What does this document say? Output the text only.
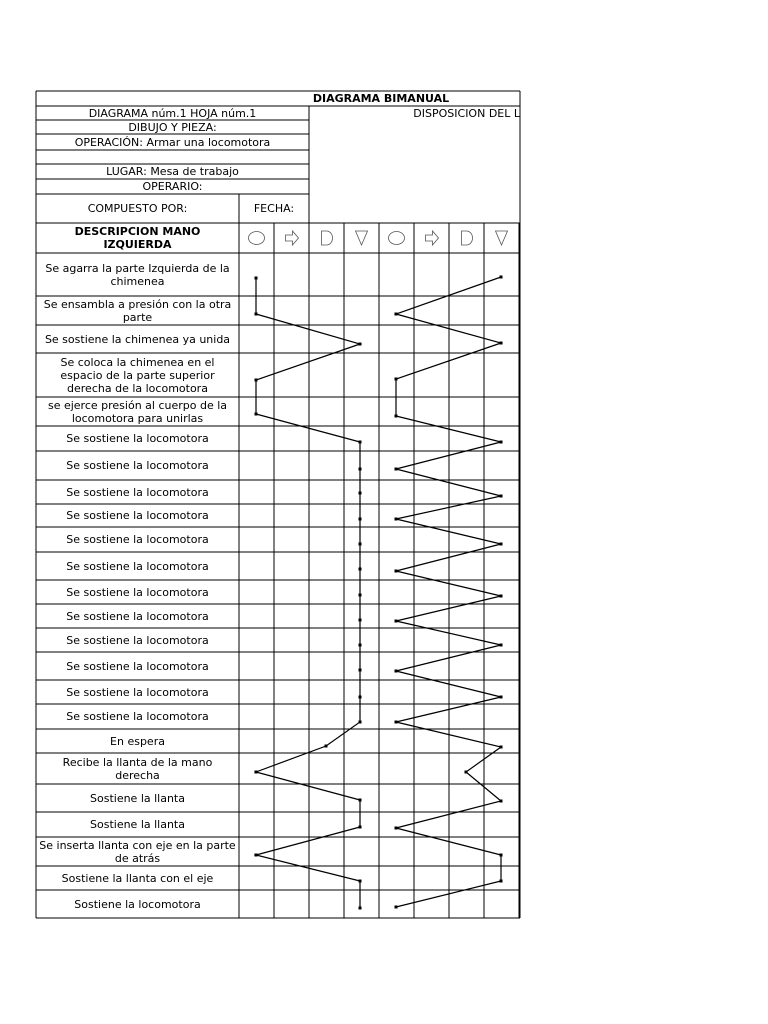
DIAGRAMA BIMANUAL
DIAGRAMA núm.1 HOJA núm.1	DISPOSICION DEL L
DIBUJO Y PIEZA:
OPERACIÓN: Armar una locomotora
LUGAR: Mesa de trabajo
OPERARIO:
COMPUESTO POR:	FECHA:
DESCRIPCION MANO IZQUIERDA
Se agarra la parte Izquierda de la chimenea
Se ensambla a presión con la otra parte
Se sostiene la chimenea ya unida
Se coloca la chimenea en el espacio de la parte superior derecha de la locomotora
se ejerce presión al cuerpo de la locomotora para unirlas
Se sostiene la locomotora
Se sostiene la locomotora
Se sostiene la locomotora
Se sostiene la locomotora
Se sostiene la locomotora
Se sostiene la locomotora
Se sostiene la locomotora
Se sostiene la locomotora
Se sostiene la locomotora
Se sostiene la locomotora
Se sostiene la locomotora
Se sostiene la locomotora
En espera
Recibe la llanta de la mano derecha
Sostiene la llanta
Sostiene la llanta
Se inserta llanta con eje en la parte de atrás
Sostiene la llanta con el eje
Sostiene la locomotora
